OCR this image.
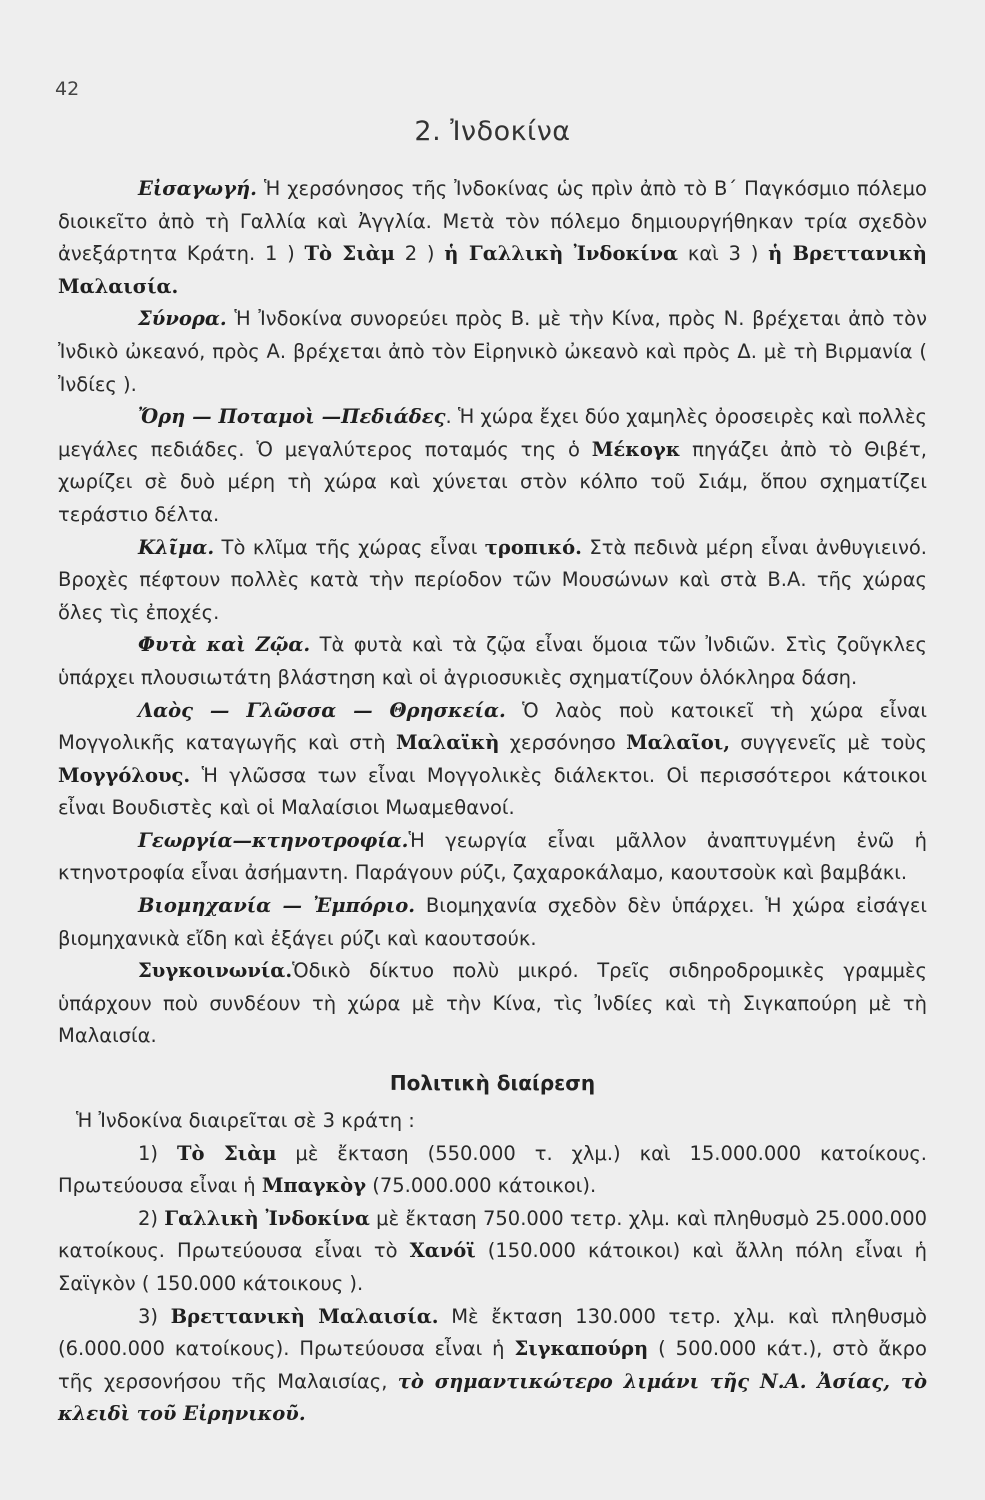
42
2. Ἰνδοκίνα

Εἰσαγωγή. Ἡ χερσόνησος τῆς Ἰνδοκίνας ὡς πρὶν ἀπὸ τὸ Β΄ Παγκόσμιο πόλεμο διοικεῖτο ἀπὸ τὴ Γαλλία καὶ Ἀγγλία. Μετὰ τὸν πόλεμο δημιουργήθηκαν τρία σχεδὸν ἀνεξάρτητα Κράτη. 1 ) Τὸ Σιὰμ 2 ) ἡ Γαλλικὴ Ἰνδοκίνα καὶ 3 ) ἡ Βρεττανικὴ Μαλαισία.

Σύνορα. Ἡ Ἰνδοκίνα συνορεύει πρὸς Β. μὲ τὴν Κίνα, πρὸς Ν. βρέχεται ἀπὸ τὸν Ἰνδικὸ ὠκεανό, πρὸς Α. βρέχεται ἀπὸ τὸν Εἰρηνικὸ ὠκεανὸ καὶ πρὸς Δ. μὲ τὴ Βιρμανία ( Ἰνδίες ).

Ὄρη — Ποταμοὶ —Πεδιάδες. Ἡ χώρα ἔχει δύο χαμηλὲς ὀροσειρὲς καὶ πολλὲς μεγάλες πεδιάδες. Ὁ μεγαλύτερος ποταμός της ὁ Μέκογκ πηγάζει ἀπὸ τὸ Θιβέτ, χωρίζει σὲ δυὸ μέρη τὴ χώρα καὶ χύνεται στὸν κόλπο τοῦ Σιάμ, ὅπου σχηματίζει τεράστιο δέλτα.

Κλῖμα. Τὸ κλῖμα τῆς χώρας εἶναι τροπικό. Στὰ πεδινὰ μέρη εἶναι ἀνθυγιεινό. Βροχὲς πέφτουν πολλὲς κατὰ τὴν περίοδον τῶν Μουσώνων καὶ στὰ Β.Α. τῆς χώρας ὅλες τὶς ἐποχές.

Φυτὰ καὶ Ζῷα. Τὰ φυτὰ καὶ τὰ ζῷα εἶναι ὅμοια τῶν Ἰνδιῶν. Στὶς ζοῦγκλες ὑπάρχει πλουσιωτάτη βλάστηση καὶ οἱ ἀγριοσυκιὲς σχηματίζουν ὁλόκληρα δάση.

Λαὸς — Γλῶσσα — Θρησκεία. Ὁ λαὸς ποὺ κατοικεῖ τὴ χώρα εἶναι Μογγολικῆς καταγωγῆς καὶ στὴ Μαλαϊκὴ χερσόνησο Μαλαῖοι, συγγενεῖς μὲ τοὺς Μογγόλους. Ἡ γλῶσσα των εἶναι Μογγολικὲς διάλεκτοι. Οἱ περισσότεροι κάτοικοι εἶναι Βουδιστὲς καὶ οἱ Μαλαίσιοι Μωαμεθανοί.

Γεωργία—κτηνοτροφία.Ἡ γεωργία εἶναι μᾶλλον ἀναπτυγμένη ἐνῶ ἡ κτηνοτροφία εἶναι ἀσήμαντη. Παράγουν ρύζι, ζαχαροκάλαμο, καουτσοὺκ καὶ βαμβάκι.

Βιομηχανία — Ἐμπόριο. Βιομηχανία σχεδὸν δὲν ὑπάρχει. Ἡ χώρα εἰσάγει βιομηχανικὰ εἴδη καὶ ἐξάγει ρύζι καὶ καουτσούκ.

Συγκοινωνία.Ὁδικὸ δίκτυο πολὺ μικρό. Τρεῖς σιδηροδρομικὲς γραμμὲς ὑπάρχουν ποὺ συνδέουν τὴ χώρα μὲ τὴν Κίνα, τὶς Ἰνδίες καὶ τὴ Σιγκαπούρη μὲ τὴ Μαλαισία.

Πολιτικὴ διαίρεση

Ἡ Ἰνδοκίνα διαιρεῖται σὲ 3 κράτη :

1) Τὸ Σιὰμ μὲ ἔκταση (550.000 τ. χλμ.) καὶ 15.000.000 κατοίκους. Πρωτεύουσα εἶναι ἡ Μπαγκὸγ (75.000.000 κάτοικοι).

2) Γαλλικὴ Ἰνδοκίνα μὲ ἔκταση 750.000 τετρ. χλμ. καὶ πληθυσμὸ 25.000.000 κατοίκους. Πρωτεύουσα εἶναι τὸ Χανόϊ (150.000 κάτοικοι) καὶ ἄλλη πόλη εἶναι ἡ Σαϊγκὸν ( 150.000 κάτοικους ).

3) Βρεττανικὴ Μαλαισία. Μὲ ἔκταση 130.000 τετρ. χλμ. καὶ πληθυσμὸ (6.000.000 κατοίκους). Πρωτεύουσα εἶναι ἡ Σιγκαπούρη ( 500.000 κάτ.), στὸ ἄκρο τῆς χερσονήσου τῆς Μαλαισίας, τὸ σημαντικώτερο λιμάνι τῆς Ν.Α. Ἀσίας, τὸ κλειδὶ τοῦ Εἰρηνικοῦ.
